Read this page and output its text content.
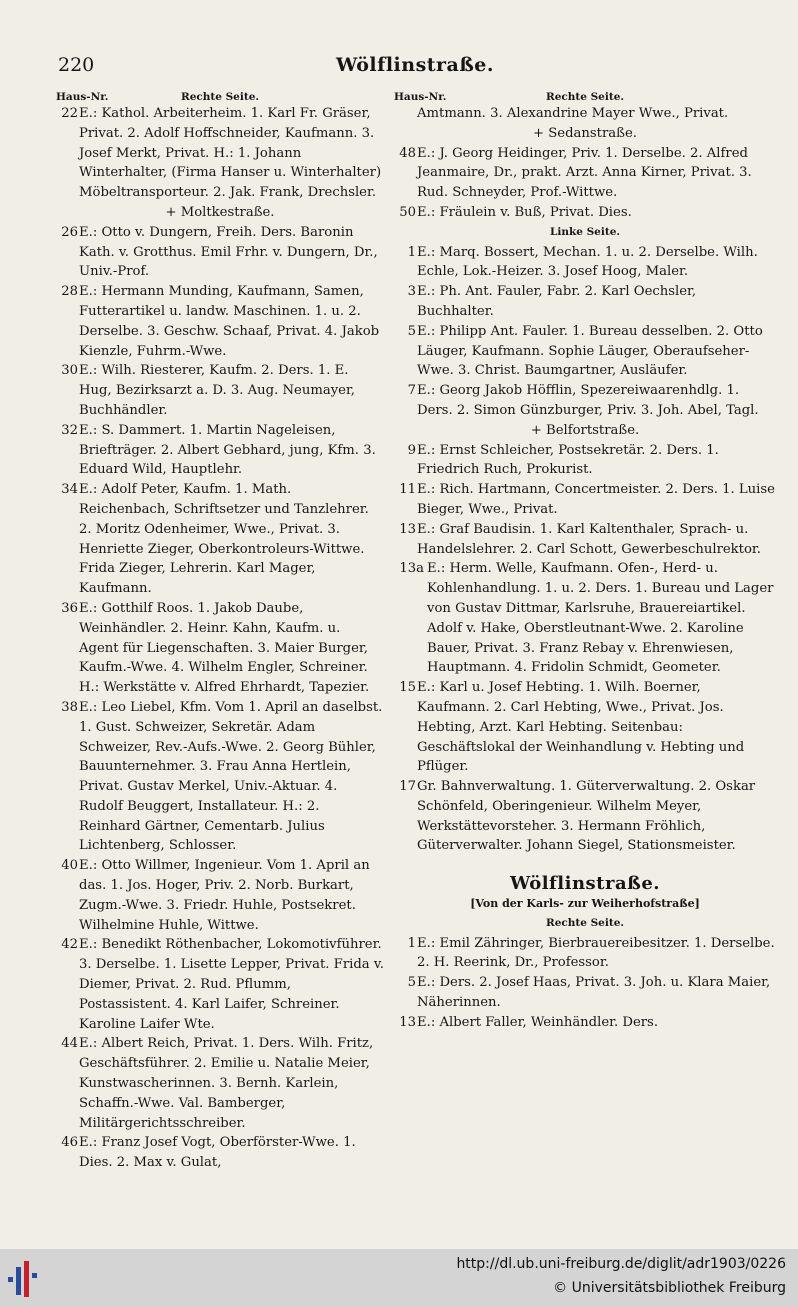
220	Wölflinstraße.
Haus-Nr.	Rechte Seite.
22 E.: Kathol. Arbeiterheim. 1. Karl Fr. Gräser, Privat. 2. Adolf Hoffschneider, Kaufmann. 3. Josef Merkt, Privat. H.: 1. Johann Winterhalter, (Firma Hanser u. Winterhalter) Möbeltransporteur. 2. Jak. Frank, Drechsler.
+ Moltkestraße.
26 E.: Otto v. Dungern, Freih. Ders. Baronin Kath. v. Grotthus. Emil Frhr. v. Dungern, Dr., Univ.-Prof.
28 E.: Hermann Munding, Kaufmann, Samen, Futterartikel u. landw. Maschinen. 1. u. 2. Derselbe. 3. Geschw. Schaaf, Privat. 4. Jakob Kienzle, Fuhrm.-Wwe.
30 E.: Wilh. Riesterer, Kaufm. 2. Ders. 1. E. Hug, Bezirksarzt a. D. 3. Aug. Neumayer, Buchhändler.
32 E.: S. Dammert. 1. Martin Nageleisen, Briefträger. 2. Albert Gebhard, jung, Kfm. 3. Eduard Wild, Hauptlehr.
34 E.: Adolf Peter, Kaufm. 1. Math. Reichenbach, Schriftsetzer und Tanzlehrer. 2. Moritz Odenheimer, Wwe., Privat. 3. Henriette Zieger, Oberkontroleurs-Wittwe. Frida Zieger, Lehrerin. Karl Mager, Kaufmann.
36 E.: Gotthilf Roos. 1. Jakob Daube, Weinhändler. 2. Heinr. Kahn, Kaufm. u. Agent für Liegenschaften. 3. Maier Burger, Kaufm.-Wwe. 4. Wilhelm Engler, Schreiner. H.: Werkstätte v. Alfred Ehrhardt, Tapezier.
38 E.: Leo Liebel, Kfm. Vom 1. April an daselbst. 1. Gust. Schweizer, Sekretär. Adam Schweizer, Rev.-Aufs.-Wwe. 2. Georg Bühler, Bauunternehmer. 3. Frau Anna Hertlein, Privat. Gustav Merkel, Univ.-Aktuar. 4. Rudolf Beuggert, Installateur. H.: 2. Reinhard Gärtner, Cementarb. Julius Lichtenberg, Schlosser.
40 E.: Otto Willmer, Ingenieur. Vom 1. April an das. 1. Jos. Hoger, Priv. 2. Norb. Burkart, Zugm.-Wwe. 3. Friedr. Huhle, Postsekret. Wilhelmine Huhle, Wittwe.
42 E.: Benedikt Röthenbacher, Lokomotivführer. 3. Derselbe. 1. Lisette Lepper, Privat. Frida v. Diemer, Privat. 2. Rud. Pflumm, Postassistent. 4. Karl Laifer, Schreiner. Karoline Laifer Wte.
44 E.: Albert Reich, Privat. 1. Ders. Wilh. Fritz, Geschäftsführer. 2. Emilie u. Natalie Meier, Kunstwascherinnen. 3. Bernh. Karlein, Schaffn.-Wwe. Val. Bamberger, Militärgerichtsschreiber.
46 E.: Franz Josef Vogt, Oberförster-Wwe. 1. Dies. 2. Max v. Gulat,
Haus-Nr.	Rechte Seite.
Amtmann. 3. Alexandrine Mayer Wwe., Privat.
+ Sedanstraße.
48 E.: J. Georg Heidinger, Priv. 1. Derselbe. 2. Alfred Jeanmaire, Dr., prakt. Arzt. Anna Kirner, Privat. 3. Rud. Schneyder, Prof.-Wittwe.
50 E.: Fräulein v. Buß, Privat. Dies.
Linke Seite.
1 E.: Marq. Bossert, Mechan. 1. u. 2. Derselbe. Wilh. Echle, Lok.-Heizer. 3. Josef Hoog, Maler.
3 E.: Ph. Ant. Fauler, Fabr. 2. Karl Oechsler, Buchhalter.
5 E.: Philipp Ant. Fauler. 1. Bureau desselben. 2. Otto Läuger, Kaufmann. Sophie Läuger, Oberaufseher-Wwe. 3. Christ. Baumgartner, Ausläufer.
7 E.: Georg Jakob Höfflin, Spezereiwaarenhdlg. 1. Ders. 2. Simon Günzburger, Priv. 3. Joh. Abel, Tagl.
+ Belfortstraße.
9 E.: Ernst Schleicher, Postsekretär. 2. Ders. 1. Friedrich Ruch, Prokurist.
11 E.: Rich. Hartmann, Concertmeister. 2. Ders. 1. Luise Bieger, Wwe., Privat.
13 E.: Graf Baudisin. 1. Karl Kaltenthaler, Sprach- u. Handelslehrer. 2. Carl Schott, Gewerbeschulrektor.
13a E.: Herm. Welle, Kaufmann. Ofen-, Herd- u. Kohlenhandlung. 1. u. 2. Ders. 1. Bureau und Lager von Gustav Dittmar, Karlsruhe, Brauereiartikel. Adolf v. Hake, Oberstleutnant-Wwe. 2. Karoline Bauer, Privat. 3. Franz Rebay v. Ehrenwiesen, Hauptmann. 4. Fridolin Schmidt, Geometer.
15 E.: Karl u. Josef Hebting. 1. Wilh. Boerner, Kaufmann. 2. Carl Hebting, Wwe., Privat. Jos. Hebting, Arzt. Karl Hebting. Seitenbau: Geschäftslokal der Weinhandlung v. Hebting und Pflüger.
17 Gr. Bahnverwaltung. 1. Güterverwaltung. 2. Oskar Schönfeld, Oberingenieur. Wilhelm Meyer, Werkstättevorsteher. 3. Hermann Fröhlich, Güterverwalter. Johann Siegel, Stationsmeister.
Wölflinstraße.
[Von der Karls- zur Weiherhofstraße]
Rechte Seite.
1 E.: Emil Zähringer, Bierbrauereibesitzer. 1. Derselbe. 2. H. Reerink, Dr., Professor.
5 E.: Ders. 2. Josef Haas, Privat. 3. Joh. u. Klara Maier, Näherinnen.
13 E.: Albert Faller, Weinhändler. Ders.
http://dl.ub.uni-freiburg.de/diglit/adr1903/0226
© Universitätsbibliothek Freiburg
